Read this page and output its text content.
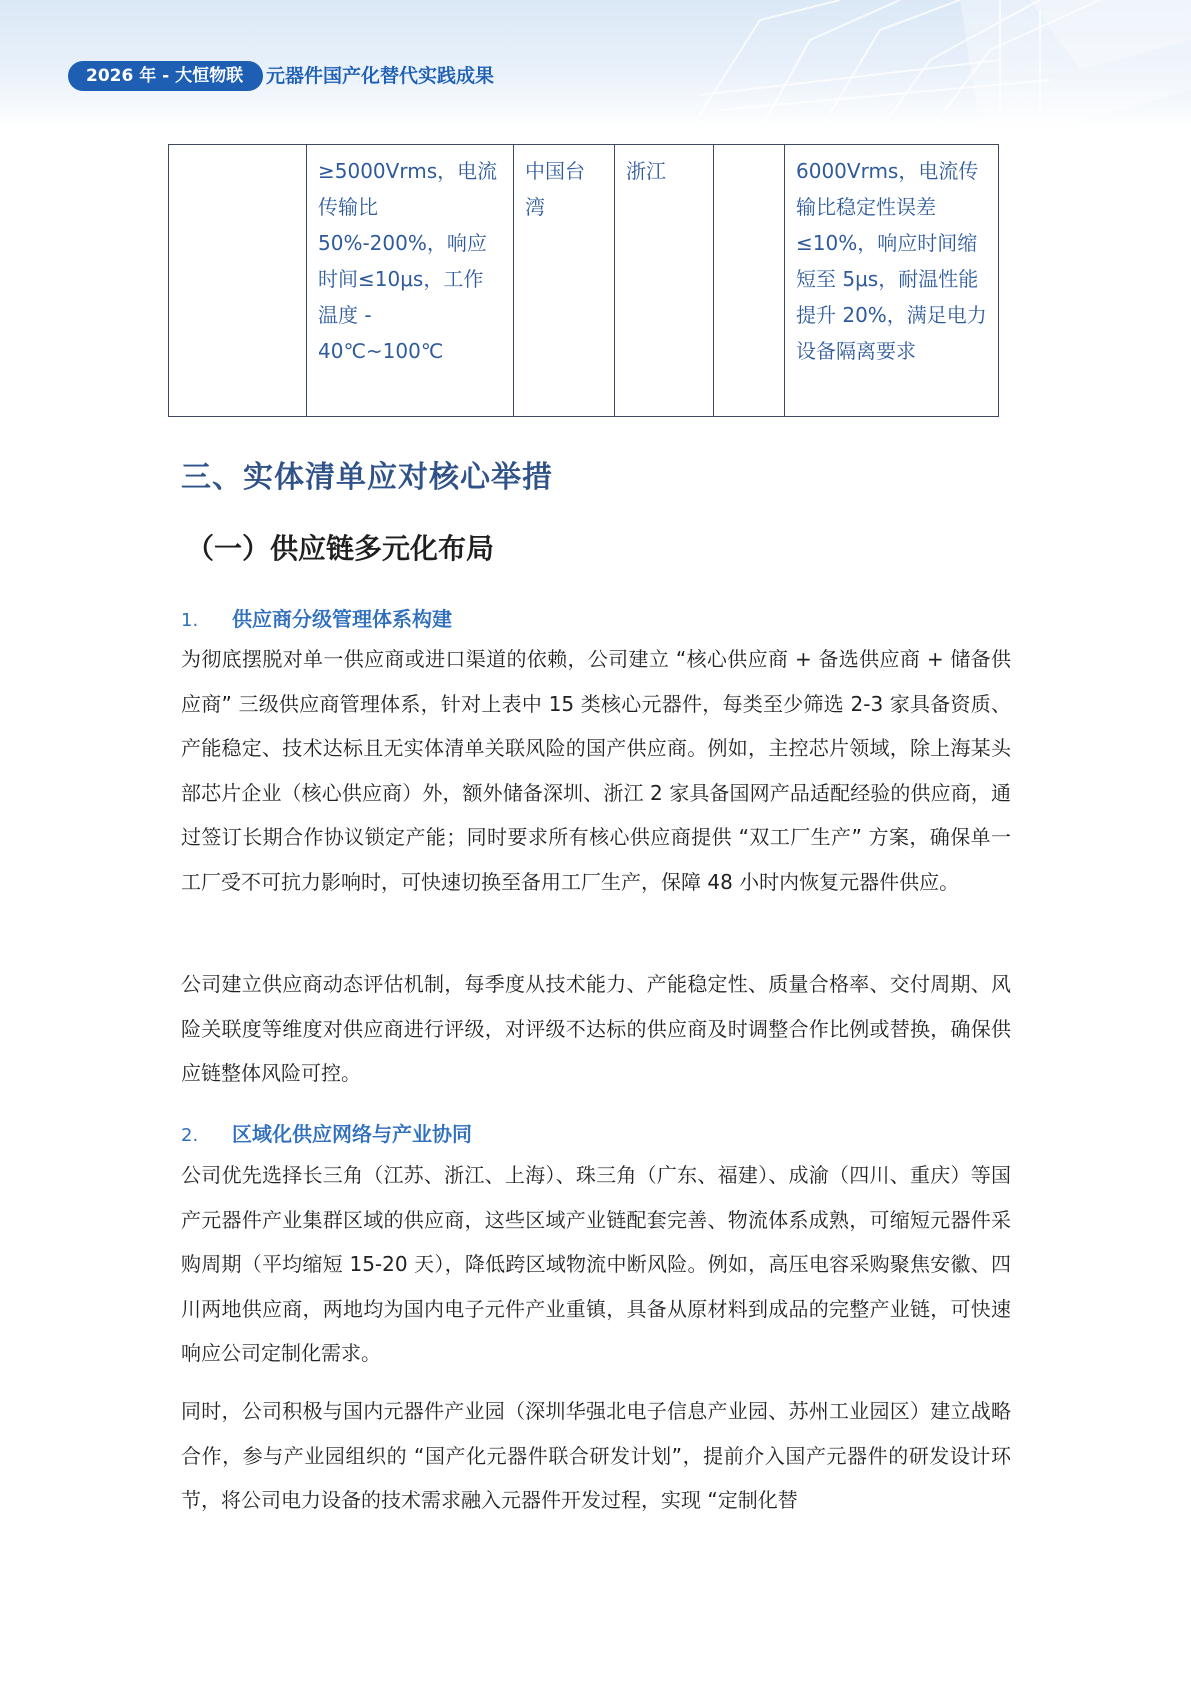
2026 年 - 大恒物联	元器件国产化替代实践成果
	≥5000Vrms，电流传输比 50%-200%，响应时间≤10μs，工作温度 - 40℃~100℃	中国台湾	浙江		6000Vrms，电流传输比稳定性误差≤10%，响应时间缩短至 5μs，耐温性能提升 20%，满足电力设备隔离要求
三、实体清单应对核心举措
（一）供应链多元化布局
1. 供应商分级管理体系构建
为彻底摆脱对单一供应商或进口渠道的依赖，公司建立 “核心供应商 + 备选供应商 + 储备供应商” 三级供应商管理体系，针对上表中 15 类核心元器件，每类至少筛选 2-3 家具备资质、产能稳定、技术达标且无实体清单关联风险的国产供应商。例如，主控芯片领域，除上海某头部芯片企业（核心供应商）外，额外储备深圳、浙江 2 家具备国网产品适配经验的供应商，通过签订长期合作协议锁定产能；同时要求所有核心供应商提供 “双工厂生产” 方案，确保单一工厂受不可抗力影响时，可快速切换至备用工厂生产，保障 48 小时内恢复元器件供应。
公司建立供应商动态评估机制，每季度从技术能力、产能稳定性、质量合格率、交付周期、风险关联度等维度对供应商进行评级，对评级不达标的供应商及时调整合作比例或替换，确保供应链整体风险可控。
2. 区域化供应网络与产业协同
公司优先选择长三角（江苏、浙江、上海）、珠三角（广东、福建）、成渝（四川、重庆）等国产元器件产业集群区域的供应商，这些区域产业链配套完善、物流体系成熟，可缩短元器件采购周期（平均缩短 15-20 天），降低跨区域物流中断风险。例如，高压电容采购聚焦安徽、四川两地供应商，两地均为国内电子元件产业重镇，具备从原材料到成品的完整产业链，可快速响应公司定制化需求。
同时，公司积极与国内元器件产业园（深圳华强北电子信息产业园、苏州工业园区）建立战略合作，参与产业园组织的 “国产化元器件联合研发计划”，提前介入国产元器件的研发设计环节，将公司电力设备的技术需求融入元器件开发过程，实现 “定制化替
